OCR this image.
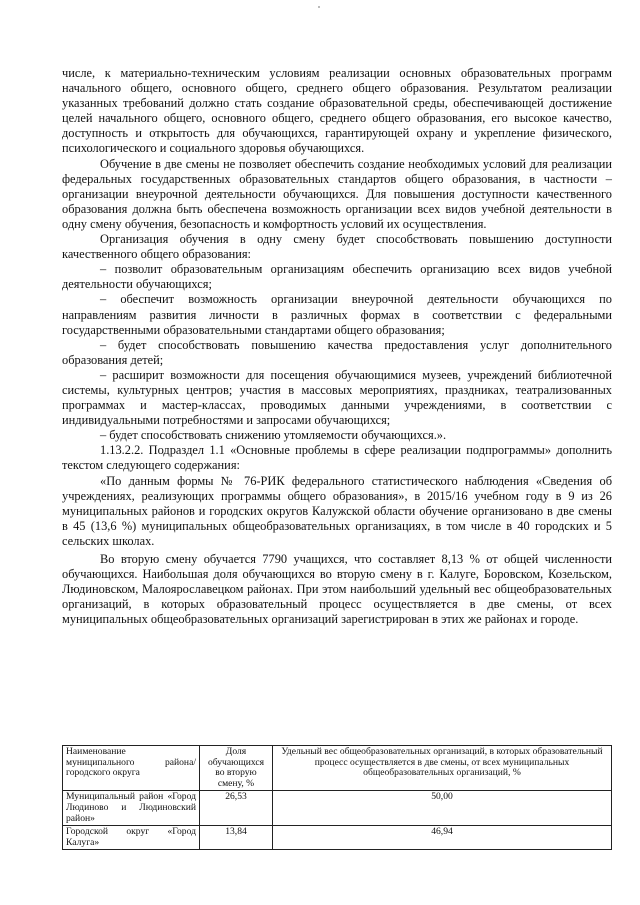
числе, к материально-техническим условиям реализации основных образовательных программ начального общего, основного общего, среднего общего образования. Результатом реализации указанных требований должно стать создание образовательной среды, обеспечивающей достижение целей начального общего, основного общего, среднего общего образования, его высокое качество, доступность и открытость для обучающихся, гарантирующей охрану и укрепление физического, психологического и социального здоровья обучающихся.

Обучение в две смены не позволяет обеспечить создание необходимых условий для реализации федеральных государственных образовательных стандартов общего образования, в частности – организации внеурочной деятельности обучающихся. Для повышения доступности качественного образования должна быть обеспечена возможность организации всех видов учебной деятельности в одну смену обучения, безопасность и комфортность условий их осуществления.

Организация обучения в одну смену будет способствовать повышению доступности качественного общего образования:

– позволит образовательным организациям обеспечить организацию всех видов учебной деятельности обучающихся;

– обеспечит возможность организации внеурочной деятельности обучающихся по направлениям развития личности в различных формах в соответствии с федеральными государственными образовательными стандартами общего образования;

– будет способствовать повышению качества предоставления услуг дополнительного образования детей;

– расширит возможности для посещения обучающимися музеев, учреждений библиотечной системы, культурных центров; участия в массовых мероприятиях, праздниках, театрализованных программах и мастер-классах, проводимых данными учреждениями, в соответствии с индивидуальными потребностями и запросами обучающихся;

– будет способствовать снижению утомляемости обучающихся.».

1.13.2.2. Подраздел 1.1 «Основные проблемы в сфере реализации подпрограммы» дополнить текстом следующего содержания:

«По данным формы № 76-РИК федерального статистического наблюдения «Сведения об учреждениях, реализующих программы общего образования», в 2015/16 учебном году в 9 из 26 муниципальных районов и городских округов Калужской области обучение организовано в две смены в 45 (13,6 %) муниципальных общеобразовательных организациях, в том числе в 40 городских и 5 сельских школах.

Во вторую смену обучается 7790 учащихся, что составляет 8,13 % от общей численности обучающихся. Наибольшая доля обучающихся во вторую смену в г. Калуге, Боровском, Козельском, Людиновском, Малоярославецком районах. При этом наибольший удельный вес общеобразовательных организаций, в которых образовательный процесс осуществляется в две смены, от всех муниципальных общеобразовательных организаций зарегистрирован в этих же районах и городе.

Наименование муниципального района/ городского округа	Доля обучающихся во вторую смену, %	Удельный вес общеобразовательных организаций, в которых образовательный процесс осуществляется в две смены, от всех муниципальных общеобразовательных организаций, %
Муниципальный район «Город Людиново и Людиновский район»	26,53	50,00
Городской округ «Город Калуга»	13,84	46,94
